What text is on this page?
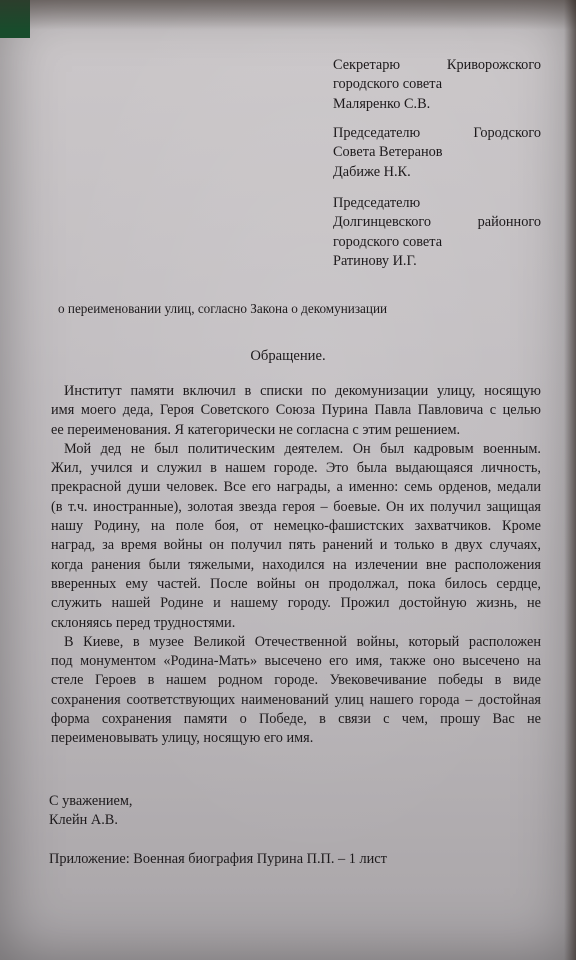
Секретарю	Криворожского
городского совета
Маляренко С.В.
Председателю	Городского
Совета Ветеранов
Дабиже Н.К.
Председателю
Долгинцевского	районного
городского совета
Ратинову И.Г.
о переименовании улиц, согласно Закона о декомунизации
Обращение.
Институт памяти включил в списки по декомунизации улицу, носящую
имя моего деда, Героя Советского Союза Пурина Павла Павловича с целью
ее переименования. Я категорически не согласна с этим решением.
Мой дед не был политическим деятелем. Он был кадровым военным.
Жил, учился и служил в нашем городе. Это была выдающаяся личность,
прекрасной души человек. Все его награды, а именно: семь орденов, медали
(в т.ч. иностранные), золотая звезда героя – боевые. Он их получил защищая
нашу Родину, на поле боя, от немецко-фашистских захватчиков. Кроме
наград, за время войны он получил пять ранений и только в двух случаях,
когда ранения были тяжелыми, находился на излечении вне расположения
вверенных ему частей. После войны он продолжал, пока билось сердце,
служить нашей Родине и нашему городу. Прожил достойную жизнь, не
склоняясь перед трудностями.
В Киеве, в музее Великой Отечественной войны, который расположен
под монументом «Родина-Мать» высечено его имя, также оно высечено на
стеле Героев в нашем родном городе. Увековечивание победы в виде
сохранения соответствующих наименований улиц нашего города – достойная
форма сохранения памяти о Победе, в связи с чем, прошу Вас не
переименовывать улицу, носящую его имя.
С уважением,
Клейн А.В.
Приложение: Военная биография Пурина П.П. – 1 лист
